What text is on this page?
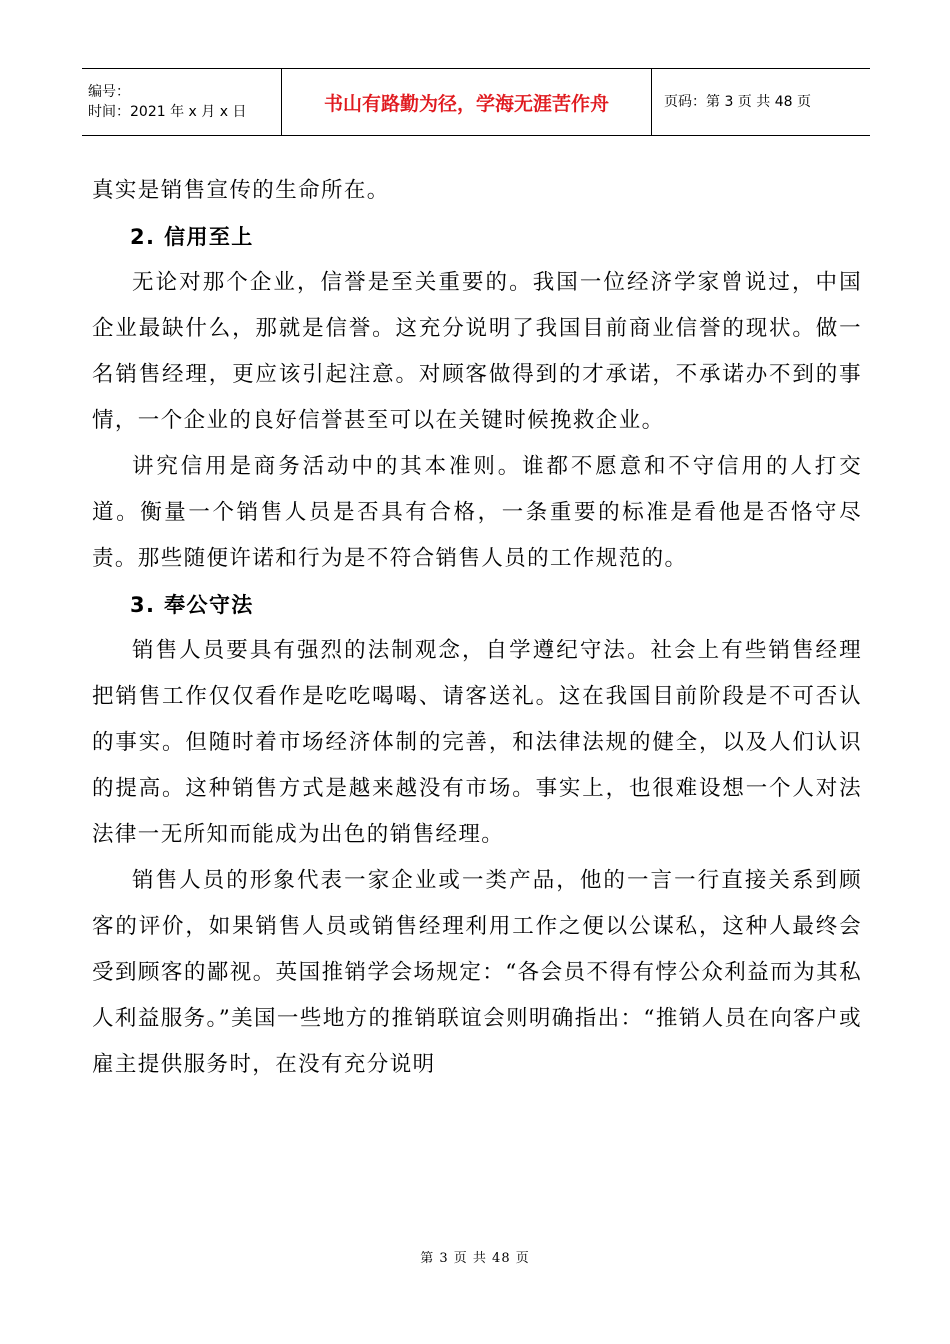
编号：
时间：2021 年 x 月 x 日	书山有路勤为径，学海无涯苦作舟	页码：第 3 页 共 48 页

真实是销售宣传的生命所在。

2. 信用至上

无论对那个企业，信誉是至关重要的。我国一位经济学家曾说过，中国企业最缺什么，那就是信誉。这充分说明了我国目前商业信誉的现状。做一名销售经理，更应该引起注意。对顾客做得到的才承诺，不承诺办不到的事情，一个企业的良好信誉甚至可以在关键时候挽救企业。

讲究信用是商务活动中的其本准则。谁都不愿意和不守信用的人打交道。衡量一个销售人员是否具有合格，一条重要的标准是看他是否恪守尽责。那些随便许诺和行为是不符合销售人员的工作规范的。

3. 奉公守法

销售人员要具有强烈的法制观念，自学遵纪守法。社会上有些销售经理把销售工作仅仅看作是吃吃喝喝、请客送礼。这在我国目前阶段是不可否认的事实。但随时着市场经济体制的完善，和法律法规的健全，以及人们认识的提高。这种销售方式是越来越没有市场。事实上，也很难设想一个人对法法律一无所知而能成为出色的销售经理。

销售人员的形象代表一家企业或一类产品，他的一言一行直接关系到顾客的评价，如果销售人员或销售经理利用工作之便以公谋私，这种人最终会受到顾客的鄙视。英国推销学会场规定：“各会员不得有悖公众利益而为其私人利益服务。”美国一些地方的推销联谊会则明确指出：“推销人员在向客户或雇主提供服务时，在没有充分说明

第 3 页 共 48 页
